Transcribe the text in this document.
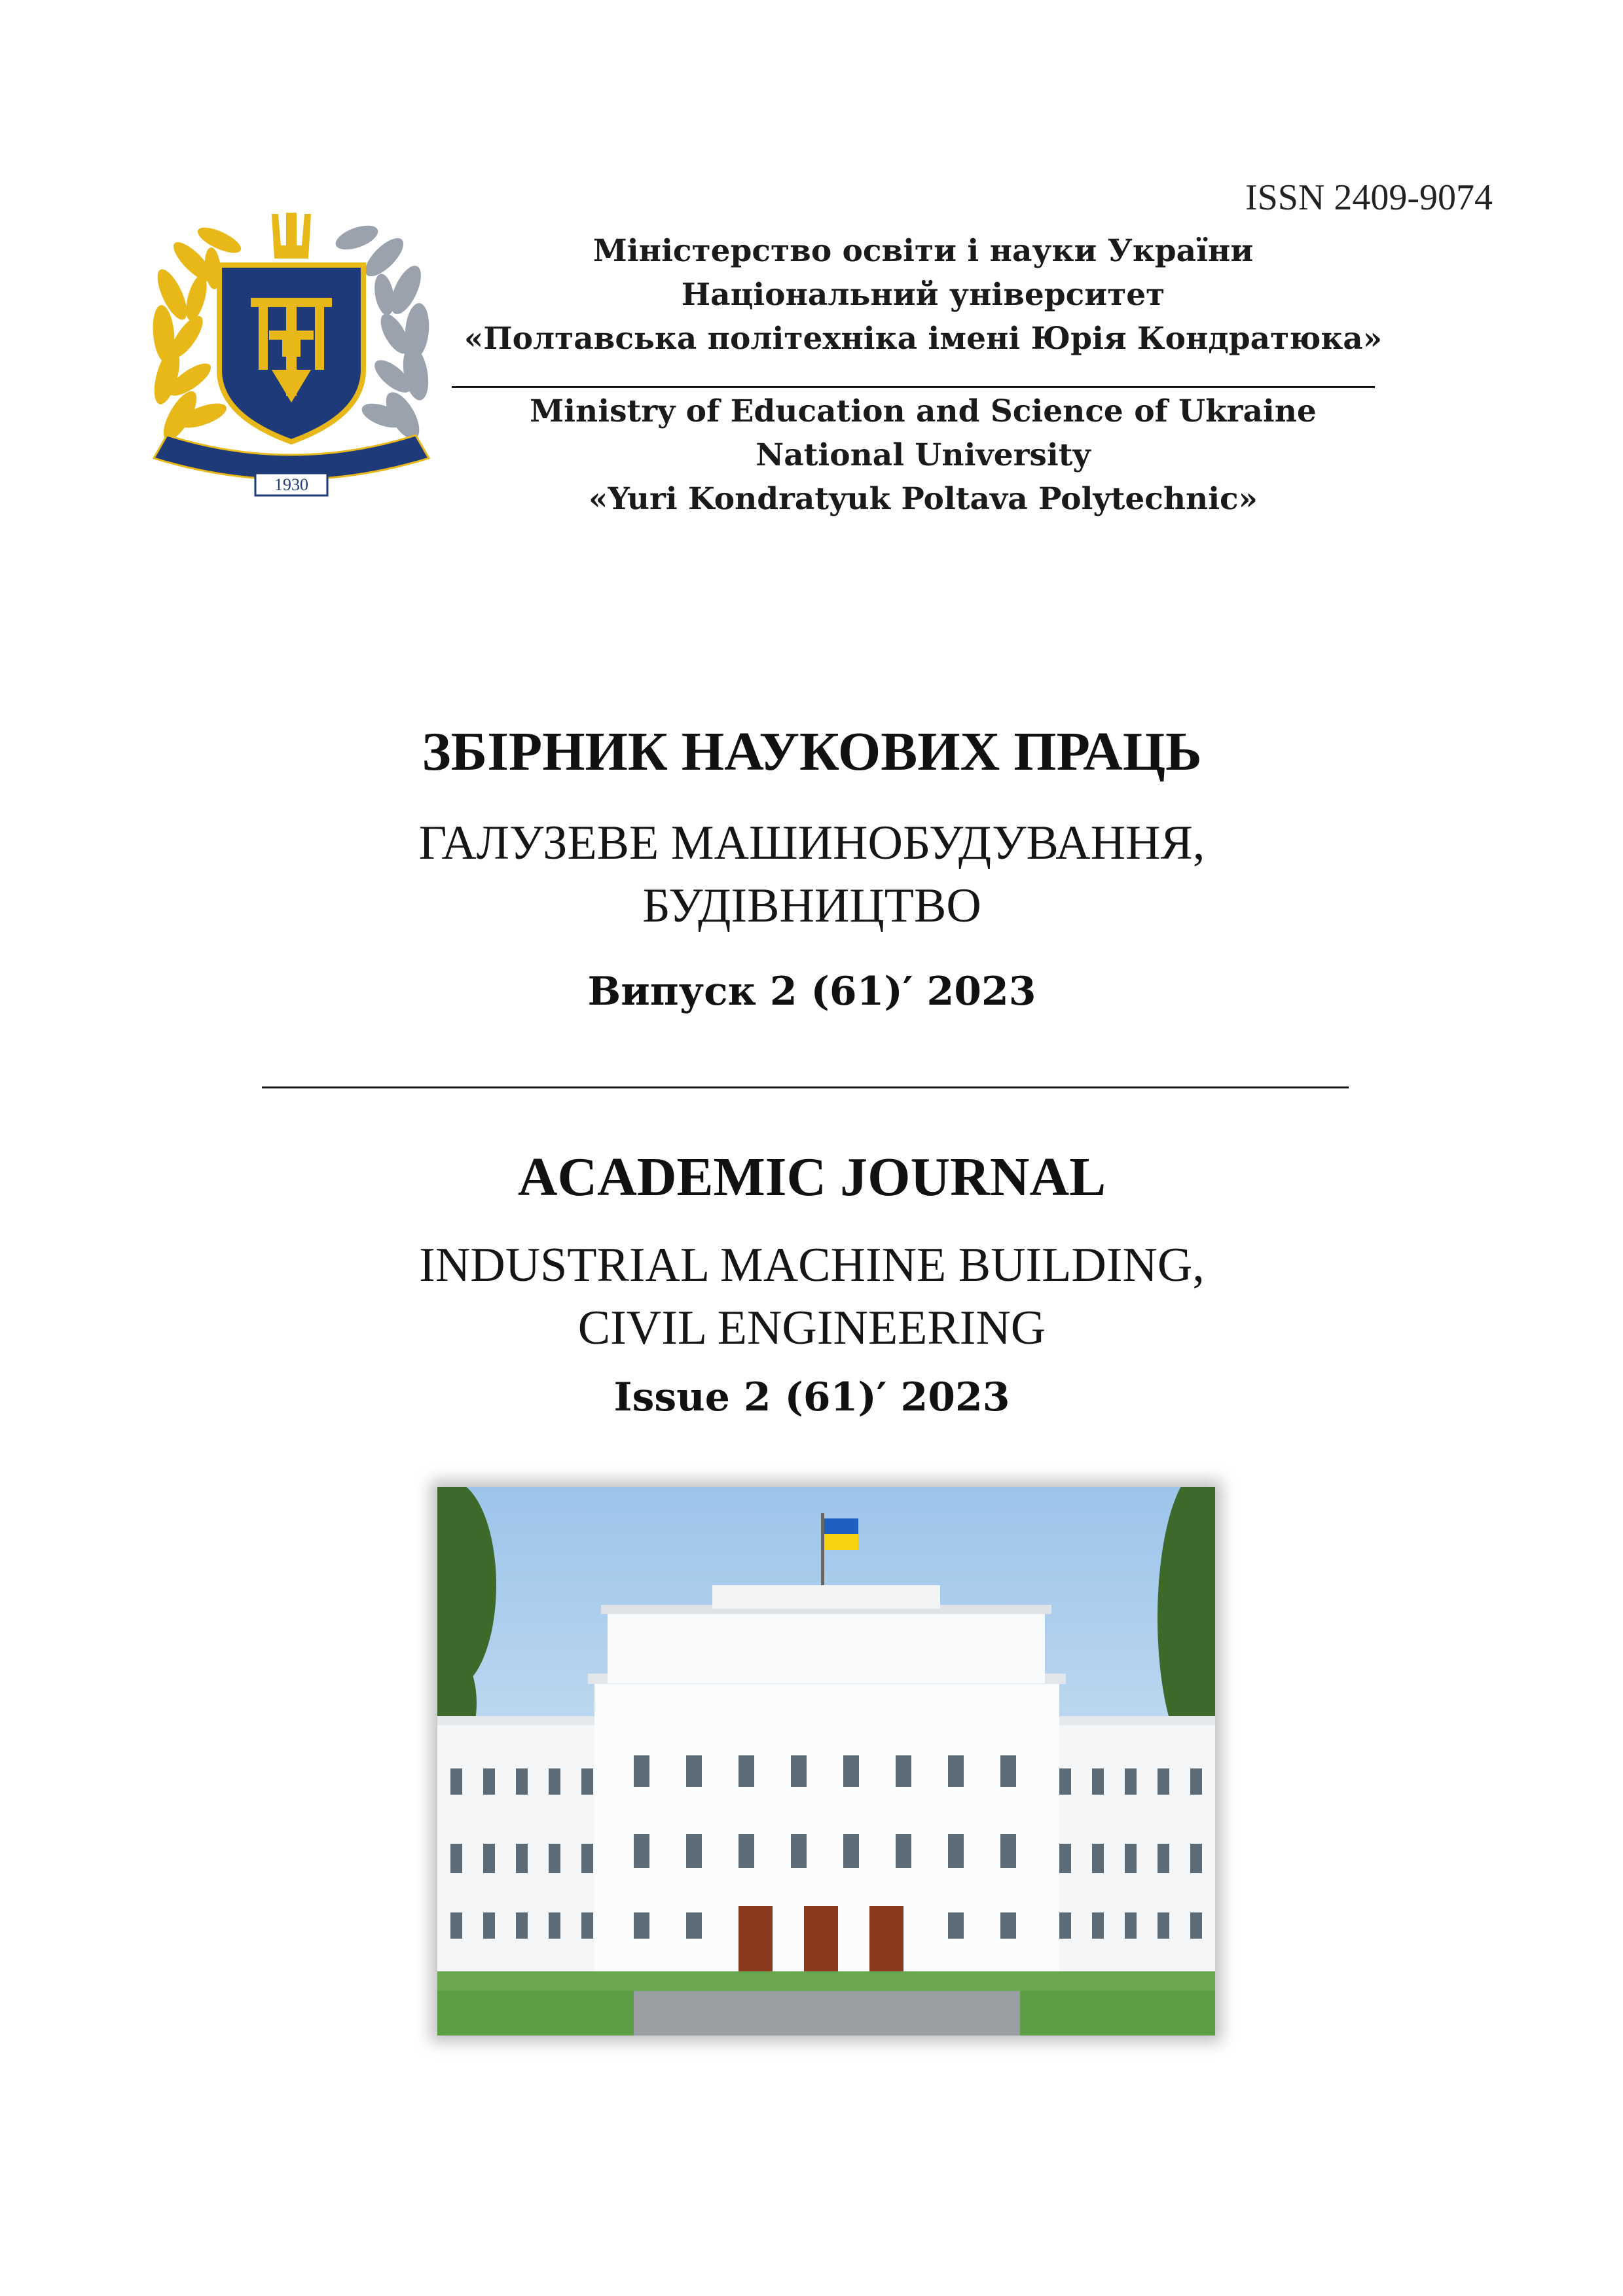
ISSN 2409-9074
1930
Міністерство освіти і науки України
Національний університет
«Полтавська політехніка імені Юрія Кондратюка»
Ministry of Education and Science of Ukraine
National University
«Yuri Kondratyuk Poltava Polytechnic»
ЗБІРНИК НАУКОВИХ ПРАЦЬ
ГАЛУЗЕВЕ МАШИНОБУДУВАННЯ,
БУДІВНИЦТВО
Випуск 2 (61)′ 2023
ACADEMIC JOURNAL
INDUSTRIAL MACHINE BUILDING,
CIVIL ENGINEERING
Issue 2 (61)′ 2023
